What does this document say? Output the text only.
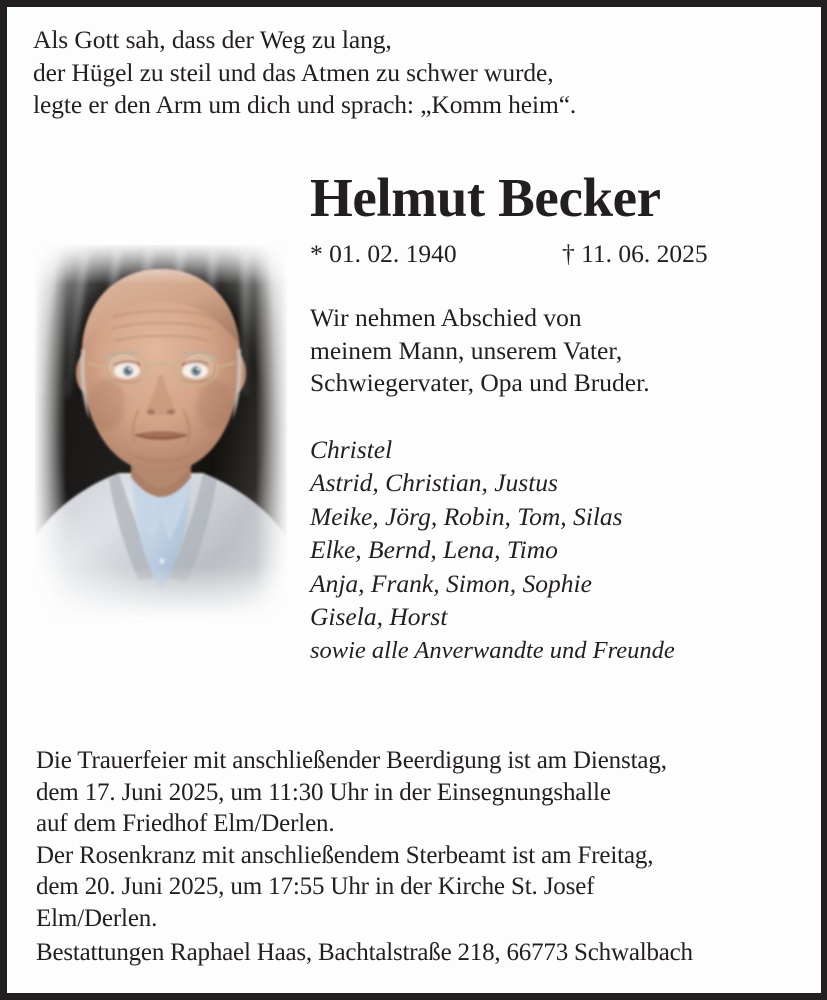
Als Gott sah, dass der Weg zu lang,
der Hügel zu steil und das Atmen zu schwer wurde,
legte er den Arm um dich und sprach: „Komm heim“.
Helmut Becker
* 01. 02. 1940	† 11. 06. 2025
Wir nehmen Abschied von
meinem Mann, unserem Vater,
Schwiegervater, Opa und Bruder.
Christel
Astrid, Christian, Justus
Meike, Jörg, Robin, Tom, Silas
Elke, Bernd, Lena, Timo
Anja, Frank, Simon, Sophie
Gisela, Horst
sowie alle Anverwandte und Freunde
Die Trauerfeier mit anschließender Beerdigung ist am Dienstag,
dem 17. Juni 2025, um 11:30 Uhr in der Einsegnungshalle
auf dem Friedhof Elm/Derlen.
Der Rosenkranz mit anschließendem Sterbeamt ist am Freitag,
dem 20. Juni 2025, um 17:55 Uhr in der Kirche St. Josef
Elm/Derlen.
Bestattungen Raphael Haas, Bachtalstraße 218, 66773 Schwalbach
